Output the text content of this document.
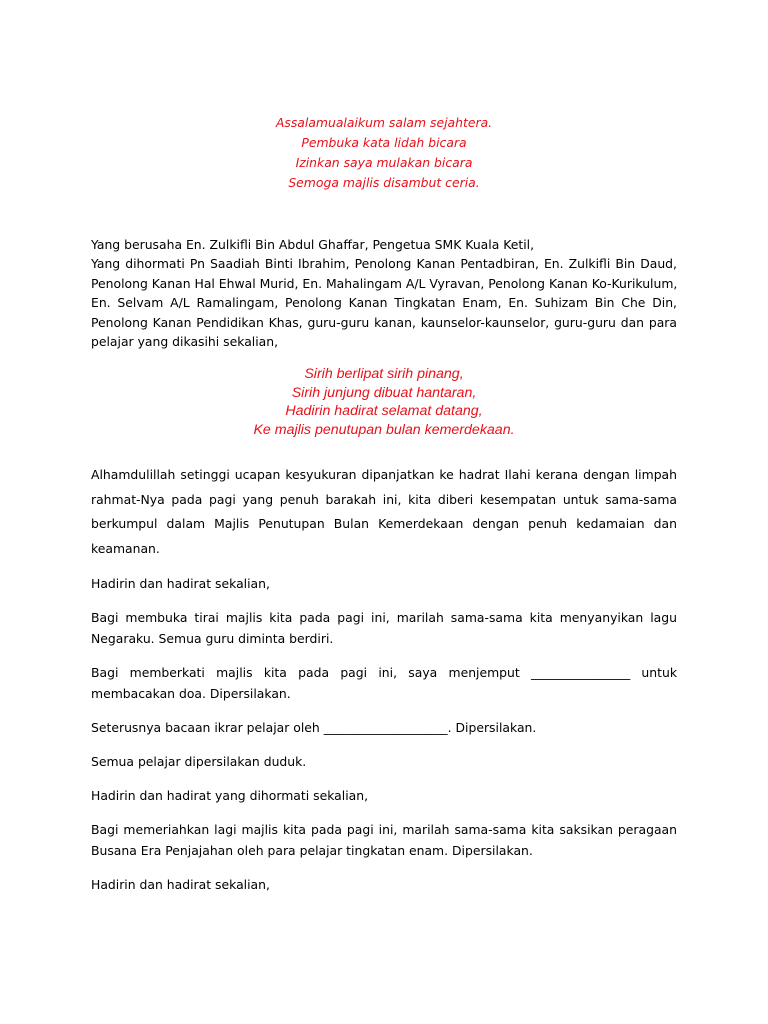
Assalamualaikum salam sejahtera.
Pembuka kata lidah bicara
Izinkan saya mulakan bicara
Semoga majlis disambut ceria.
Yang berusaha En. Zulkifli Bin Abdul Ghaffar, Pengetua SMK Kuala Ketil,
Yang dihormati Pn Saadiah Binti Ibrahim, Penolong Kanan Pentadbiran, En. Zulkifli Bin Daud,
Penolong Kanan Hal Ehwal Murid, En. Mahalingam A/L Vyravan, Penolong Kanan Ko-Kurikulum,
En. Selvam A/L Ramalingam, Penolong Kanan Tingkatan Enam, En. Suhizam Bin Che Din,
Penolong Kanan Pendidikan Khas, guru-guru kanan, kaunselor-kaunselor, guru-guru dan para
pelajar yang dikasihi sekalian,
Sirih berlipat sirih pinang,
Sirih junjung dibuat hantaran,
Hadirin hadirat selamat datang,
Ke majlis penutupan bulan kemerdekaan.
Alhamdulillah setinggi ucapan kesyukuran dipanjatkan ke hadrat Ilahi kerana dengan limpah
rahmat-Nya pada pagi yang penuh barakah ini, kita diberi kesempatan untuk sama-sama
berkumpul dalam Majlis Penutupan Bulan Kemerdekaan dengan penuh kedamaian dan
keamanan.
Hadirin dan hadirat sekalian,
Bagi membuka tirai majlis kita pada pagi ini, marilah sama-sama kita menyanyikan lagu
Negaraku. Semua guru diminta berdiri.
Bagi memberkati majlis kita pada pagi ini, saya menjemput ________________ untuk
membacakan doa. Dipersilakan.
Seterusnya bacaan ikrar pelajar oleh ____________________. Dipersilakan.
Semua pelajar dipersilakan duduk.
Hadirin dan hadirat yang dihormati sekalian,
Bagi memeriahkan lagi majlis kita pada pagi ini, marilah sama-sama kita saksikan peragaan
Busana Era Penjajahan oleh para pelajar tingkatan enam. Dipersilakan.
Hadirin dan hadirat sekalian,
